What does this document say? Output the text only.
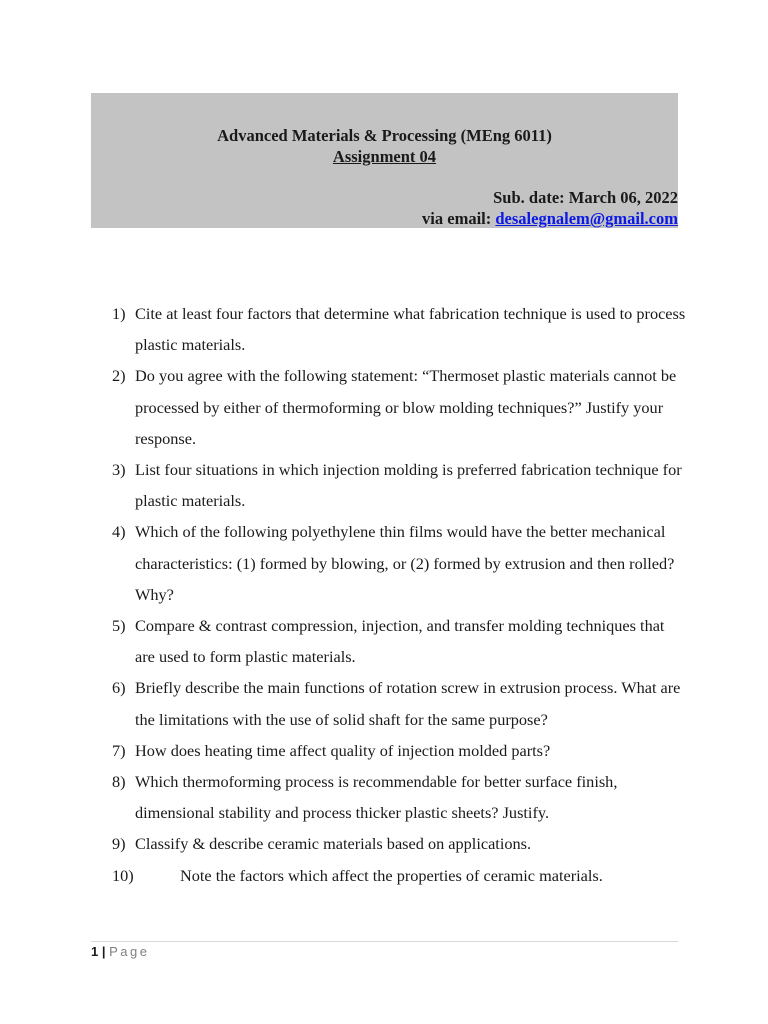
Advanced Materials & Processing (MEng 6011)
Assignment 04
Sub. date: March 06, 2022
via email: desalegnalem@gmail.com
1) Cite at least four factors that determine what fabrication technique is used to process plastic materials.
2) Do you agree with the following statement: “Thermoset plastic materials cannot be processed by either of thermoforming or blow molding techniques?” Justify your response.
3) List four situations in which injection molding is preferred fabrication technique for plastic materials.
4) Which of the following polyethylene thin films would have the better mechanical characteristics: (1) formed by blowing, or (2) formed by extrusion and then rolled? Why?
5) Compare & contrast compression, injection, and transfer molding techniques that are used to form plastic materials.
6) Briefly describe the main functions of rotation screw in extrusion process. What are the limitations with the use of solid shaft for the same purpose?
7) How does heating time affect quality of injection molded parts?
8) Which thermoforming process is recommendable for better surface finish, dimensional stability and process thicker plastic sheets? Justify.
9) Classify & describe ceramic materials based on applications.
10)	Note the factors which affect the properties of ceramic materials.
1 | Page
